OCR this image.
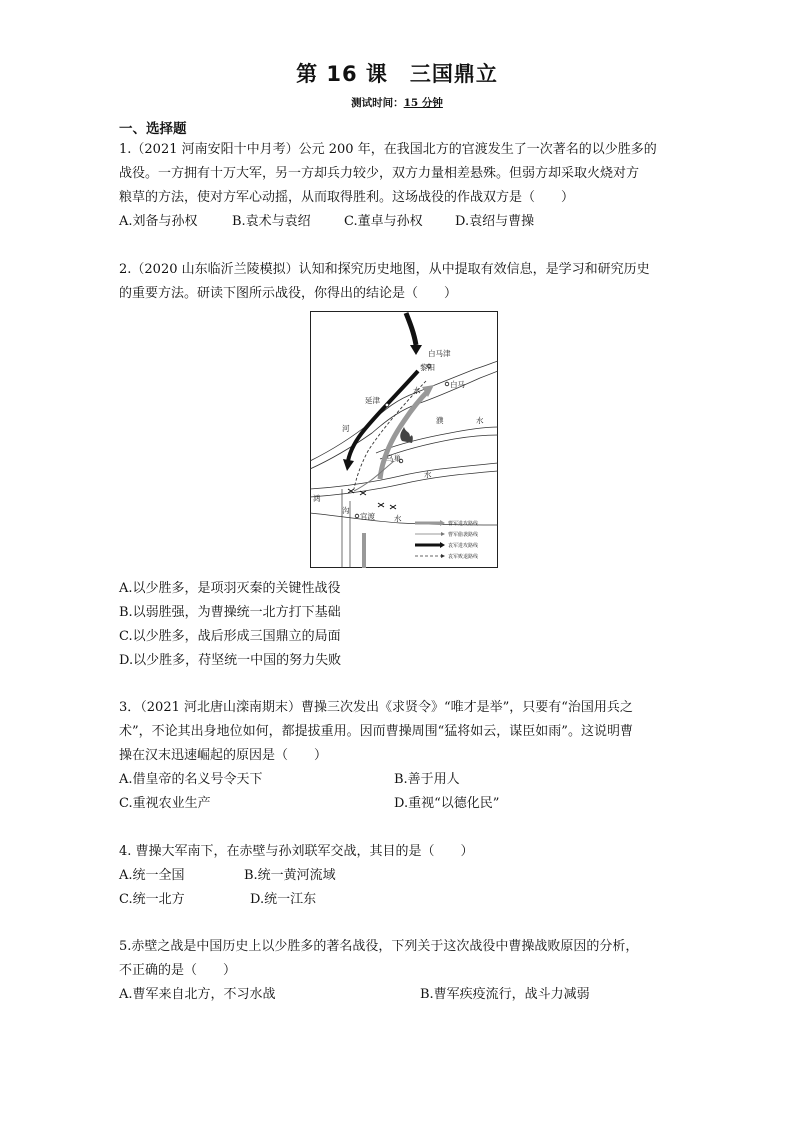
第 16 课 三国鼎立
测试时间：15 分钟
一、选择题
1.（2021 河南安阳十中月考）公元 200 年，在我国北方的官渡发生了一次著名的以少胜多的
战役。一方拥有十万大军，另一方却兵力较少，双方力量相差悬殊。但弱方却采取火烧对方
粮草的方法，使对方军心动摇，从而取得胜利。这场战役的作战双方是（　　）
A.刘备与孙权	B.袁术与袁绍	C.董卓与孙权 D.袁绍与曹操
2.（2020 山东临沂兰陵模拟）认知和探究历史地图，从中提取有效信息，是学习和研究历史
的重要方法。研读下图所示战役，你得出的结论是（　　）
白马津
黎阳
白马
水
延津
河
濮	水
乌巢
水
鸿
沟
官渡	水
曹军进攻路线
曹军偷袭路线
袁军进攻路线
袁军败退路线
A.以少胜多，是项羽灭秦的关键性战役
B.以弱胜强，为曹操统一北方打下基础
C.以少胜多，战后形成三国鼎立的局面
D.以少胜多，苻坚统一中国的努力失败
3．（2021 河北唐山滦南期末）曹操三次发出《求贤令》“唯才是举”，只要有“治国用兵之
术”，不论其出身地位如何，都提拔重用。因而曹操周围“猛将如云，谋臣如雨”。这说明曹
操在汉末迅速崛起的原因是（　　）
A.借皇帝的名义号令天下	B.善于用人
C.重视农业生产	D.重视“以德化民”
4. 曹操大军南下，在赤壁与孙刘联军交战，其目的是（　　）
A.统一全国	B.统一黄河流域
C.统一北方	D.统一江东
5.赤壁之战是中国历史上以少胜多的著名战役，下列关于这次战役中曹操战败原因的分析，
不正确的是（　　）
A.曹军来自北方，不习水战	B.曹军疾疫流行，战斗力减弱
